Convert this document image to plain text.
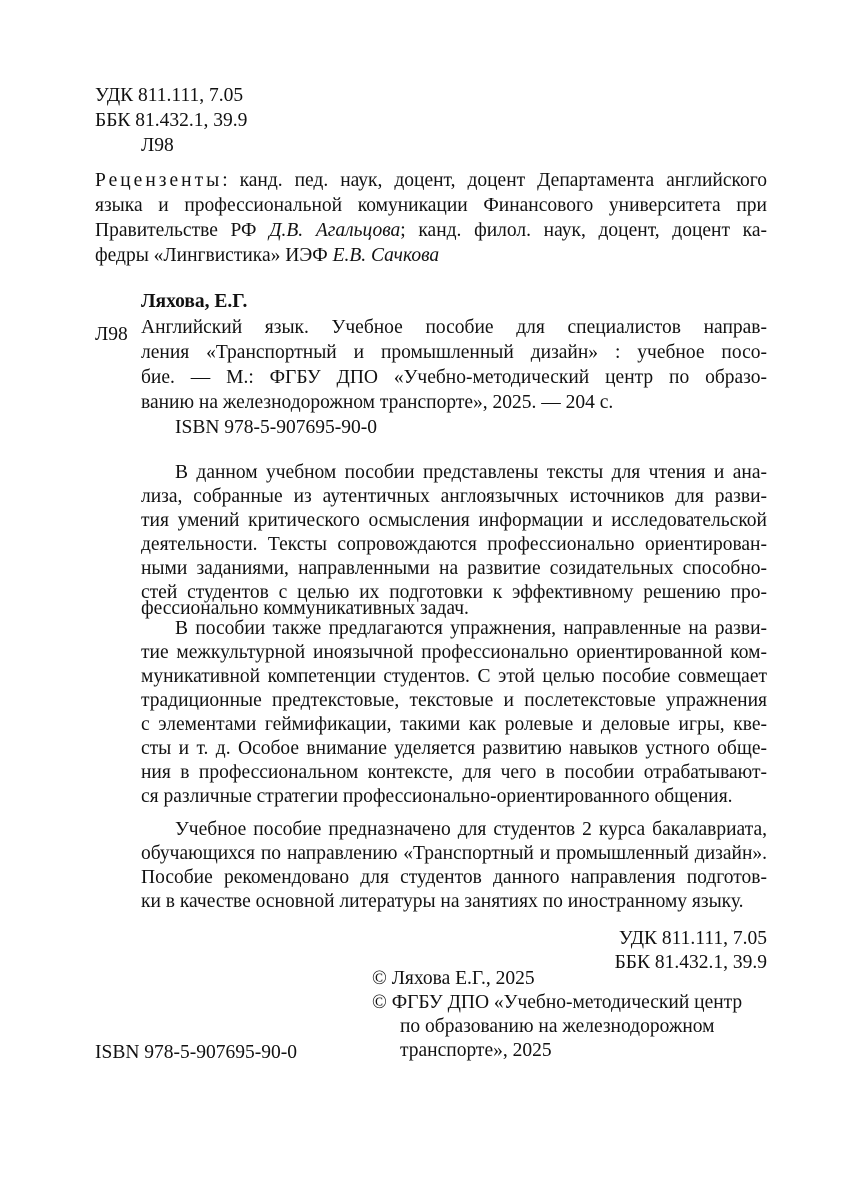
УДК 811.111, 7.05
ББК 81.432.1, 39.9
Л98
Рецензенты: канд. пед. наук, доцент, доцент Департамента английского
языка и профессиональной комуникации Финансового университета при
Правительстве РФ Д.В. Агальцова; канд. филол. наук, доцент, доцент ка-
федры «Лингвистика» ИЭФ Е.В. Сачкова
Ляхова, Е.Г.
Л98 Английский язык. Учебное пособие для специалистов направ-
ления «Транспортный и промышленный дизайн» : учебное посо-
бие. — М.: ФГБУ ДПО «Учебно-методический центр по образо-
ванию на железнодорожном транспорте», 2025. — 204 с.
ISBN 978-5-907695-90-0
В данном учебном пособии представлены тексты для чтения и ана-
лиза, собранные из аутентичных англоязычных источников для разви-
тия умений критического осмысления информации и исследовательской
деятельности. Тексты сопровождаются профессионально ориентирован-
ными заданиями, направленными на развитие созидательных способно-
стей студентов с целью их подготовки к эффективному решению про-
фессионально коммуникативных задач.
В пособии также предлагаются упражнения, направленные на разви-
тие межкультурной иноязычной профессионально ориентированной ком-
муникативной компетенции студентов. С этой целью пособие совмещает
традиционные предтекстовые, текстовые и послетекстовые упражнения
с элементами геймификации, такими как ролевые и деловые игры, кве-
сты и т. д. Особое внимание уделяется развитию навыков устного обще-
ния в профессиональном контексте, для чего в пособии отрабатывают-
ся различные стратегии профессионально-ориентированного общения.
Учебное пособие предназначено для студентов 2 курса бакалавриата,
обучающихся по направлению «Транспортный и промышленный дизайн».
Пособие рекомендовано для студентов данного направления подготов-
ки в качестве основной литературы на занятиях по иностранному языку.
УДК 811.111, 7.05
ББК 81.432.1, 39.9
© Ляхова Е.Г., 2025
© ФГБУ ДПО «Учебно-методический центр
по образованию на железнодорожном
транспорте», 2025
ISBN 978-5-907695-90-0
